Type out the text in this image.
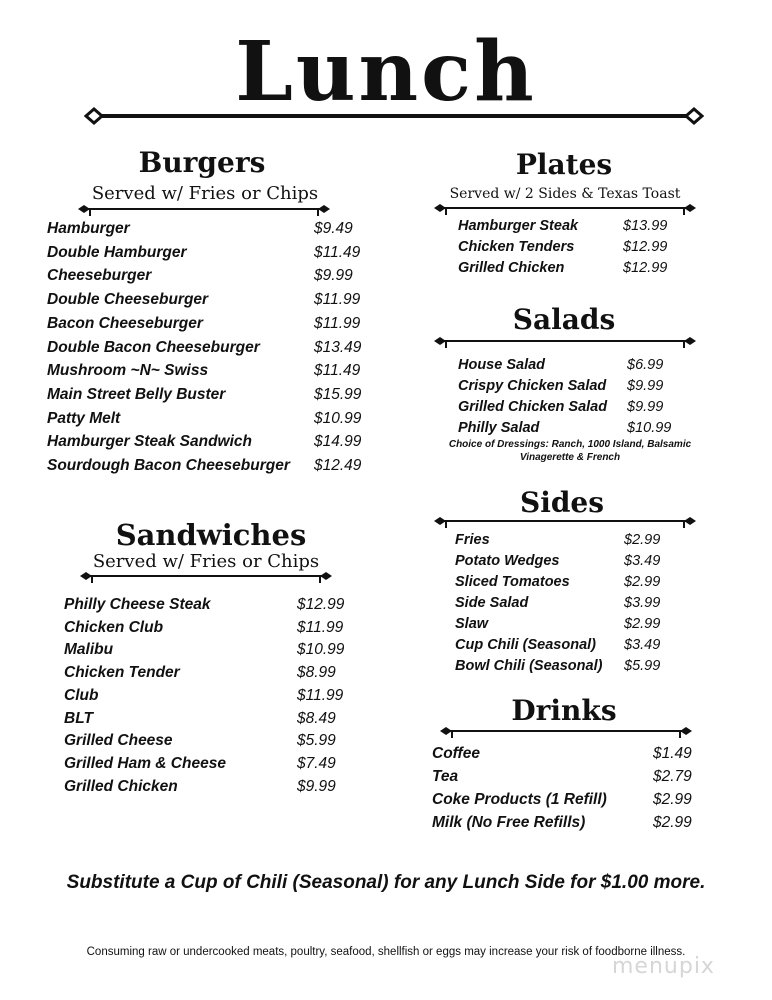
Lunch
Burgers
Served w/ Fries or Chips
Hamburger	$9.49
Double Hamburger	$11.49
Cheeseburger	$9.99
Double Cheeseburger	$11.99
Bacon Cheeseburger	$11.99
Double Bacon Cheeseburger	$13.49
Mushroom ~N~ Swiss	$11.49
Main Street Belly Buster	$15.99
Patty Melt	$10.99
Hamburger Steak Sandwich	$14.99
Sourdough Bacon Cheeseburger $12.49
Sandwiches
Served w/ Fries or Chips
Philly Cheese Steak	$12.99
Chicken Club	$11.99
Malibu	$10.99
Chicken Tender	$8.99
Club	$11.99
BLT	$8.49
Grilled Cheese	$5.99
Grilled Ham & Cheese	$7.49
Grilled Chicken	$9.99
Plates
Served w/ 2 Sides & Texas Toast
Hamburger Steak	$13.99
Chicken Tenders	$12.99
Grilled Chicken	$12.99
Salads
House Salad	$6.99
Crispy Chicken Salad $9.99
Grilled Chicken Salad $9.99
Philly Salad	$10.99
Choice of Dressings: Ranch, 1000 Island, Balsamic Vinagerette & French
Sides
Fries	$2.99
Potato Wedges	$3.49
Sliced Tomatoes	$2.99
Side Salad	$3.99
Slaw	$2.99
Cup Chili (Seasonal) $3.49
Bowl Chili (Seasonal) $5.99
Drinks
Coffee	$1.49
Tea	$2.79
Coke Products (1 Refill)	$2.99
Milk (No Free Refills)	$2.99
Substitute a Cup of Chili (Seasonal) for any Lunch Side for $1.00 more.
Consuming raw or undercooked meats, poultry, seafood, shellfish or eggs may increase your risk of foodborne illness.
menupix
